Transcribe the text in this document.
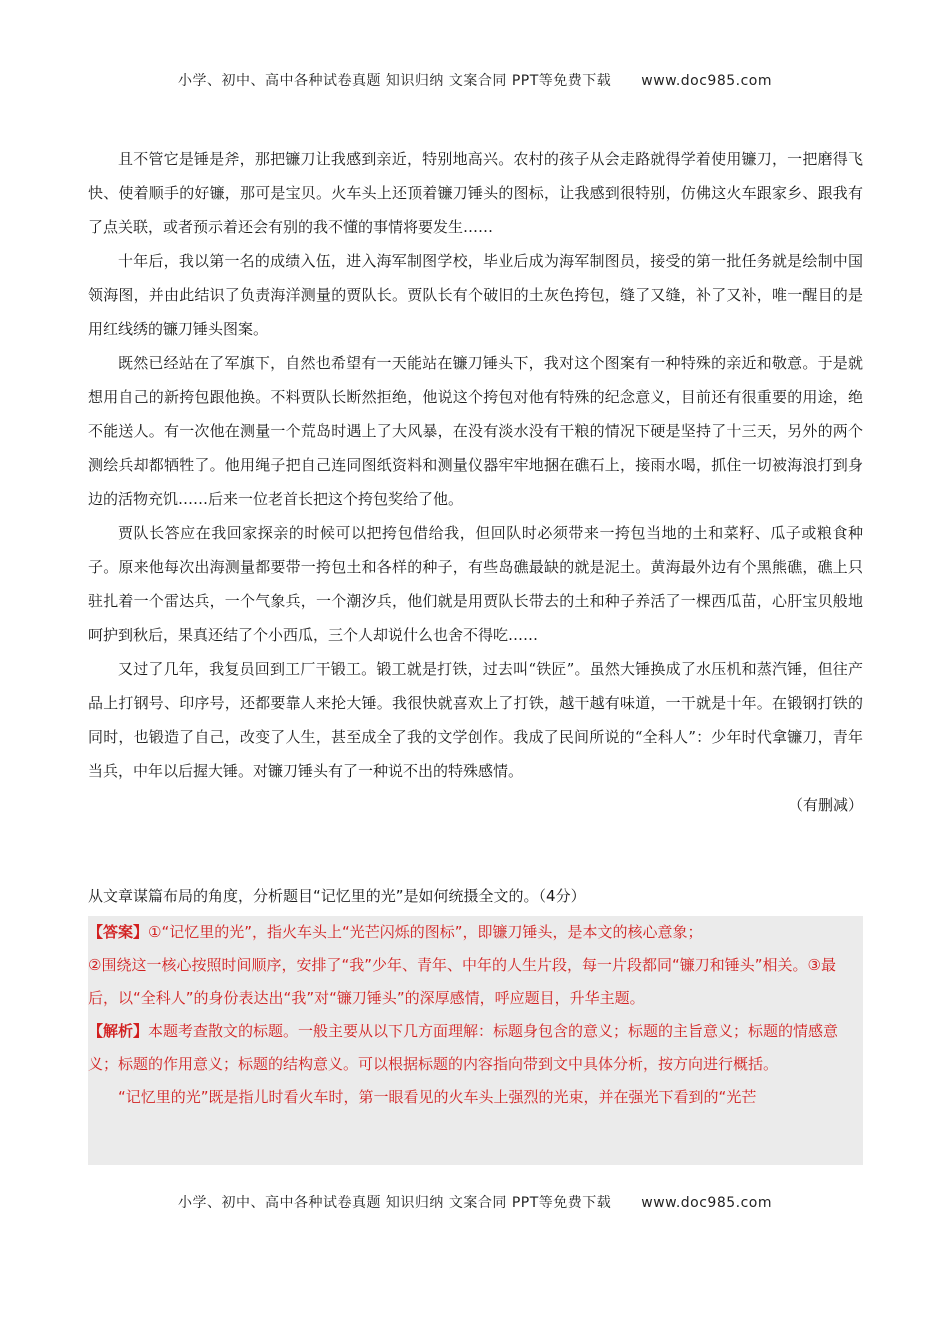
小学、初中、高中各种试卷真题 知识归纳 文案合同 PPT等免费下载 www.doc985.com

且不管它是锤是斧，那把镰刀让我感到亲近，特别地高兴。农村的孩子从会走路就得学着使用镰刀，一把磨得飞快、使着顺手的好镰，那可是宝贝。火车头上还顶着镰刀锤头的图标，让我感到很特别，仿佛这火车跟家乡、跟我有了点关联，或者预示着还会有别的我不懂的事情将要发生……

十年后，我以第一名的成绩入伍，进入海军制图学校，毕业后成为海军制图员，接受的第一批任务就是绘制中国领海图，并由此结识了负责海洋测量的贾队长。贾队长有个破旧的土灰色挎包，缝了又缝，补了又补，唯一醒目的是用红线绣的镰刀锤头图案。

既然已经站在了军旗下，自然也希望有一天能站在镰刀锤头下，我对这个图案有一种特殊的亲近和敬意。于是就想用自己的新挎包跟他换。不料贾队长断然拒绝，他说这个挎包对他有特殊的纪念意义，目前还有很重要的用途，绝不能送人。有一次他在测量一个荒岛时遇上了大风暴，在没有淡水没有干粮的情况下硬是坚持了十三天，另外的两个测绘兵却都牺牲了。他用绳子把自己连同图纸资料和测量仪器牢牢地捆在礁石上，接雨水喝，抓住一切被海浪打到身边的活物充饥……后来一位老首长把这个挎包奖给了他。

贾队长答应在我回家探亲的时候可以把挎包借给我，但回队时必须带来一挎包当地的土和菜籽、瓜子或粮食种子。原来他每次出海测量都要带一挎包土和各样的种子，有些岛礁最缺的就是泥土。黄海最外边有个黑熊礁，礁上只驻扎着一个雷达兵，一个气象兵，一个潮汐兵，他们就是用贾队长带去的土和种子养活了一棵西瓜苗，心肝宝贝般地呵护到秋后，果真还结了个小西瓜，三个人却说什么也舍不得吃……

又过了几年，我复员回到工厂干锻工。锻工就是打铁，过去叫“铁匠”。虽然大锤换成了水压机和蒸汽锤，但往产品上打钢号、印序号，还都要靠人来抡大锤。我很快就喜欢上了打铁，越干越有味道，一干就是十年。在锻钢打铁的同时，也锻造了自己，改变了人生，甚至成全了我的文学创作。我成了民间所说的“全科人”：少年时代拿镰刀，青年当兵，中年以后握大锤。对镰刀锤头有了一种说不出的特殊感情。

（有删减）

从文章谋篇布局的角度，分析题目“记忆里的光”是如何统摄全文的。（4分）

【答案】①“记忆里的光”，指火车头上“光芒闪烁的图标”，即镰刀锤头，是本文的核心意象；

②围绕这一核心按照时间顺序，安排了“我”少年、青年、中年的人生片段，每一片段都同“镰刀和锤头”相关。③最后，以“全科人”的身份表达出“我”对“镰刀锤头”的深厚感情，呼应题目，升华主题。

【解析】本题考查散文的标题。一般主要从以下几方面理解：标题身包含的意义；标题的主旨意义；标题的情感意义；标题的作用意义；标题的结构意义。可以根据标题的内容指向带到文中具体分析，按方向进行概括。

“记忆里的光”既是指儿时看火车时，第一眼看见的火车头上强烈的光束，并在强光下看到的“光芒

小学、初中、高中各种试卷真题 知识归纳 文案合同 PPT等免费下载 www.doc985.com
